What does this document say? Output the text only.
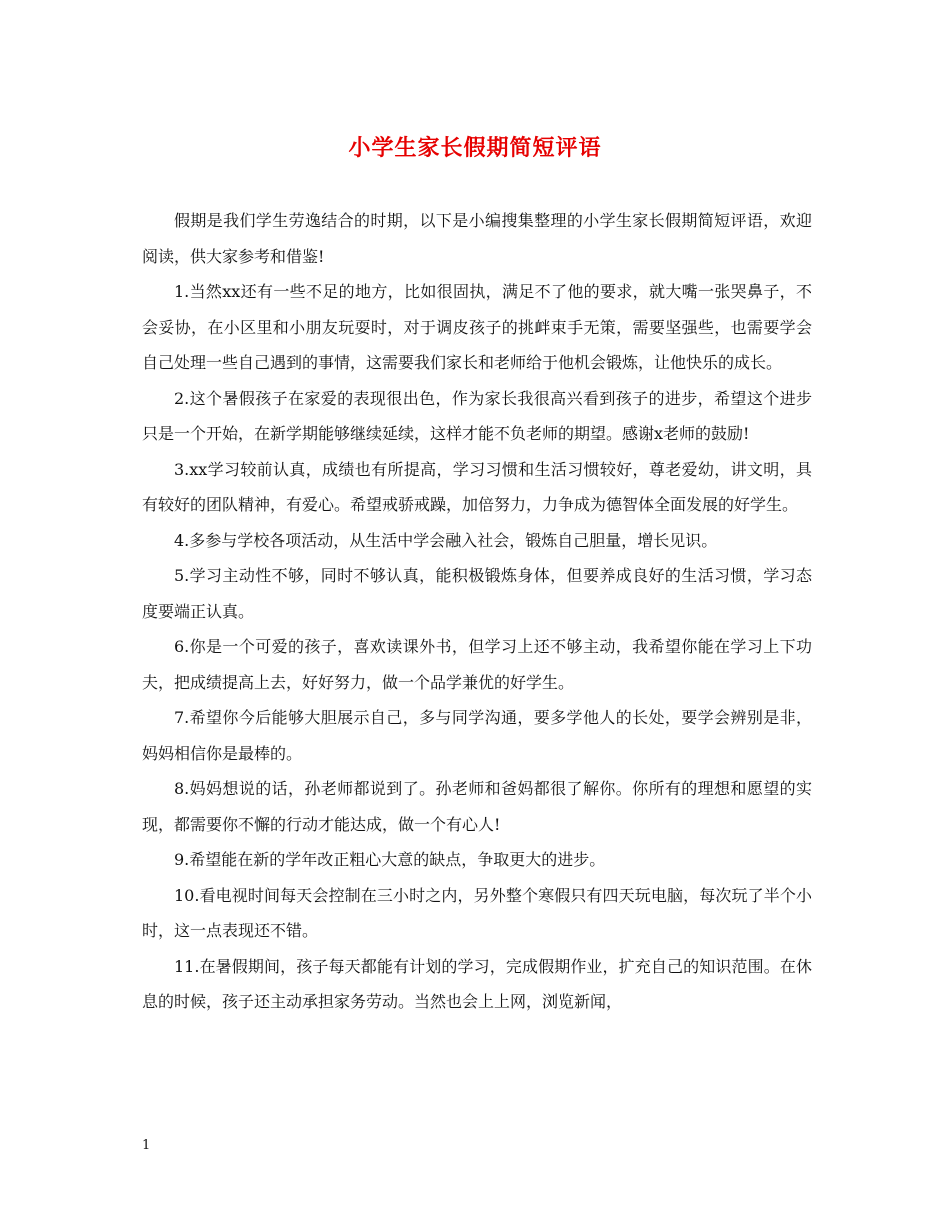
小学生家长假期简短评语

假期是我们学生劳逸结合的时期，以下是小编搜集整理的小学生家长假期简短评语，欢迎阅读，供大家参考和借鉴!

1.当然xx还有一些不足的地方，比如很固执，满足不了他的要求，就大嘴一张哭鼻子，不会妥协，在小区里和小朋友玩耍时，对于调皮孩子的挑衅束手无策，需要坚强些，也需要学会自己处理一些自己遇到的事情，这需要我们家长和老师给于他机会锻炼，让他快乐的成长。

2.这个暑假孩子在家爱的表现很出色，作为家长我很高兴看到孩子的进步，希望这个进步只是一个开始，在新学期能够继续延续，这样才能不负老师的期望。感谢x老师的鼓励!

3.xx学习较前认真，成绩也有所提高，学习习惯和生活习惯较好，尊老爱幼，讲文明，具有较好的团队精神，有爱心。希望戒骄戒躁，加倍努力，力争成为德智体全面发展的好学生。

4.多参与学校各项活动，从生活中学会融入社会，锻炼自己胆量，增长见识。

5.学习主动性不够，同时不够认真，能积极锻炼身体，但要养成良好的生活习惯，学习态度要端正认真。

6.你是一个可爱的孩子，喜欢读课外书，但学习上还不够主动，我希望你能在学习上下功夫，把成绩提高上去，好好努力，做一个品学兼优的好学生。

7.希望你今后能够大胆展示自己，多与同学沟通，要多学他人的长处，要学会辨别是非，妈妈相信你是最棒的。

8.妈妈想说的话，孙老师都说到了。孙老师和爸妈都很了解你。你所有的理想和愿望的实现，都需要你不懈的行动才能达成，做一个有心人!

9.希望能在新的学年改正粗心大意的缺点，争取更大的进步。

10.看电视时间每天会控制在三小时之内，另外整个寒假只有四天玩电脑，每次玩了半个小时，这一点表现还不错。

11.在暑假期间，孩子每天都能有计划的学习，完成假期作业，扩充自己的知识范围。在休息的时候，孩子还主动承担家务劳动。当然也会上上网，浏览新闻，

1
